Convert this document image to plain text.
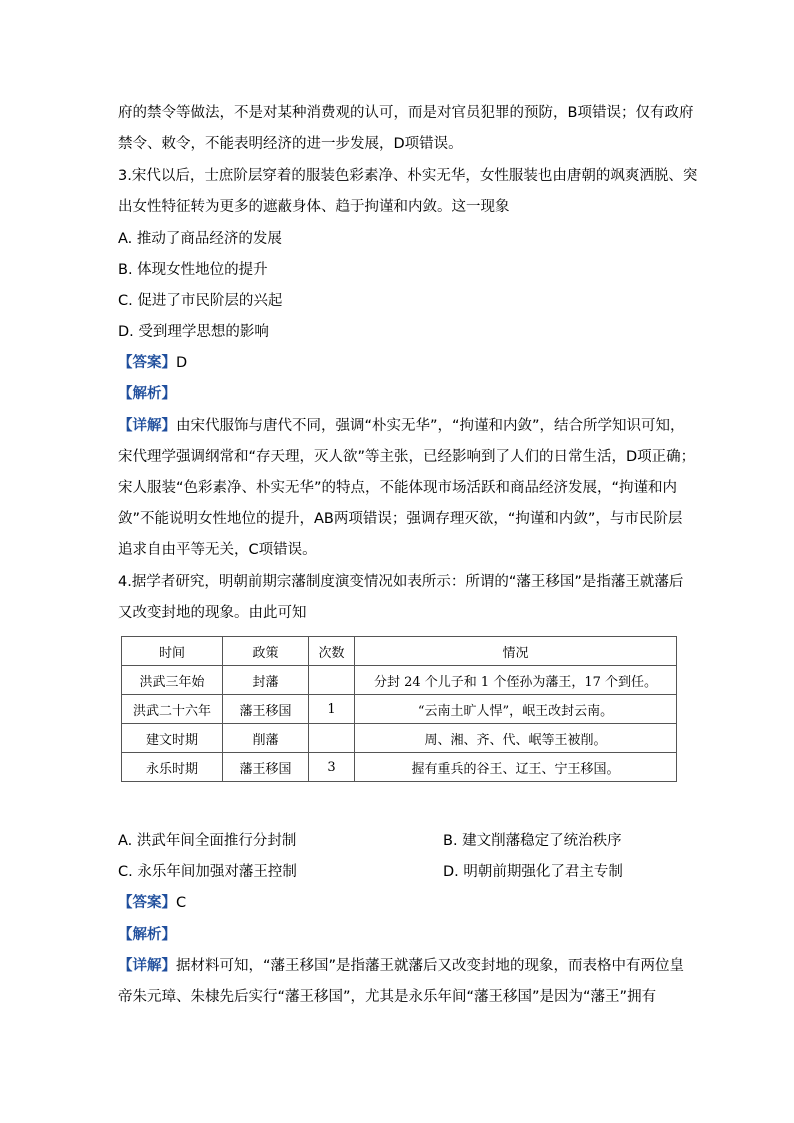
府的禁令等做法，不是对某种消费观的认可，而是对官员犯罪的预防，B项错误；仅有政府
禁令、敕令，不能表明经济的进一步发展，D项错误。
3.宋代以后，士庶阶层穿着的服装色彩素净、朴实无华，女性服装也由唐朝的飒爽洒脱、突
出女性特征转为更多的遮蔽身体、趋于拘谨和内敛。这一现象
A. 推动了商品经济的发展
B. 体现女性地位的提升
C. 促进了市民阶层的兴起
D. 受到理学思想的影响
【答案】D
【解析】
【详解】由宋代服饰与唐代不同，强调“朴实无华”，“拘谨和内敛”，结合所学知识可知，
宋代理学强调纲常和“存天理，灭人欲”等主张，已经影响到了人们的日常生活，D项正确；
宋人服装“色彩素净、朴实无华”的特点，不能体现市场活跃和商品经济发展，“拘谨和内
敛”不能说明女性地位的提升，AB两项错误；强调存理灭欲，“拘谨和内敛”，与市民阶层
追求自由平等无关，C项错误。
4.据学者研究，明朝前期宗藩制度演变情况如表所示：所谓的“藩王移国”是指藩王就藩后
又改变封地的现象。由此可知
时间	政策	次数	情况
洪武三年始	封藩		分封 24 个儿子和 1 个侄孙为藩王，17 个到任。
洪武二十六年	藩王移国	1	“云南土旷人悍”，岷王改封云南。
建文时期	削藩		周、湘、齐、代、岷等王被削。
永乐时期	藩王移国	3	握有重兵的谷王、辽王、宁王移国。
A. 洪武年间全面推行分封制	B. 建文削藩稳定了统治秩序
C. 永乐年间加强对藩王控制	D. 明朝前期强化了君主专制
【答案】C
【解析】
【详解】据材料可知，“藩王移国”是指藩王就藩后又改变封地的现象，而表格中有两位皇
帝朱元璋、朱棣先后实行“藩王移国”，尤其是永乐年间“藩王移国”是因为“藩王”拥有
